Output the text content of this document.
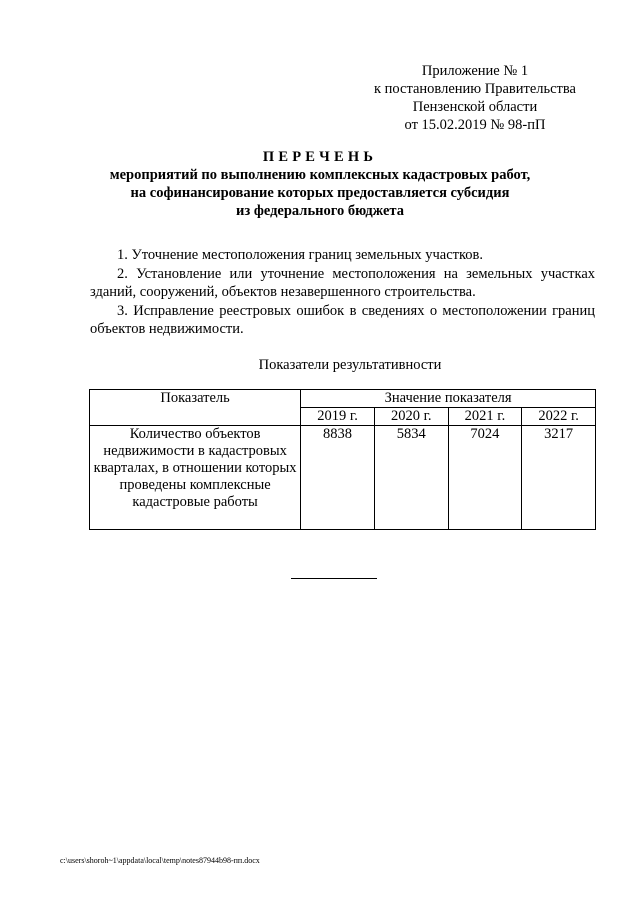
Приложение № 1
к постановлению Правительства
Пензенской области
от 15.02.2019 № 98-пП
ПЕРЕЧЕНЬ
мероприятий по выполнению комплексных кадастровых работ,
на софинансирование которых предоставляется субсидия
из федерального бюджета

1. Уточнение местоположения границ земельных участков.

2. Установление или уточнение местоположения на земельных участках зданий, сооружений, объектов незавершенного строительства.

3. Исправление реестровых ошибок в сведениях о местоположении границ объектов недвижимости.

Показатели результативности
Показатель	Значение показателя			
	2019 г.	2020 г.	2021 г.	2022 г.
Количество объектов недвижимости в кадастровых кварталах, в отношении которых проведены комплексные кадастровые работы	8838	5834	7024	3217
c:\users\shoroh~1\appdata\local\temp\notes87944b98-пп.docx
